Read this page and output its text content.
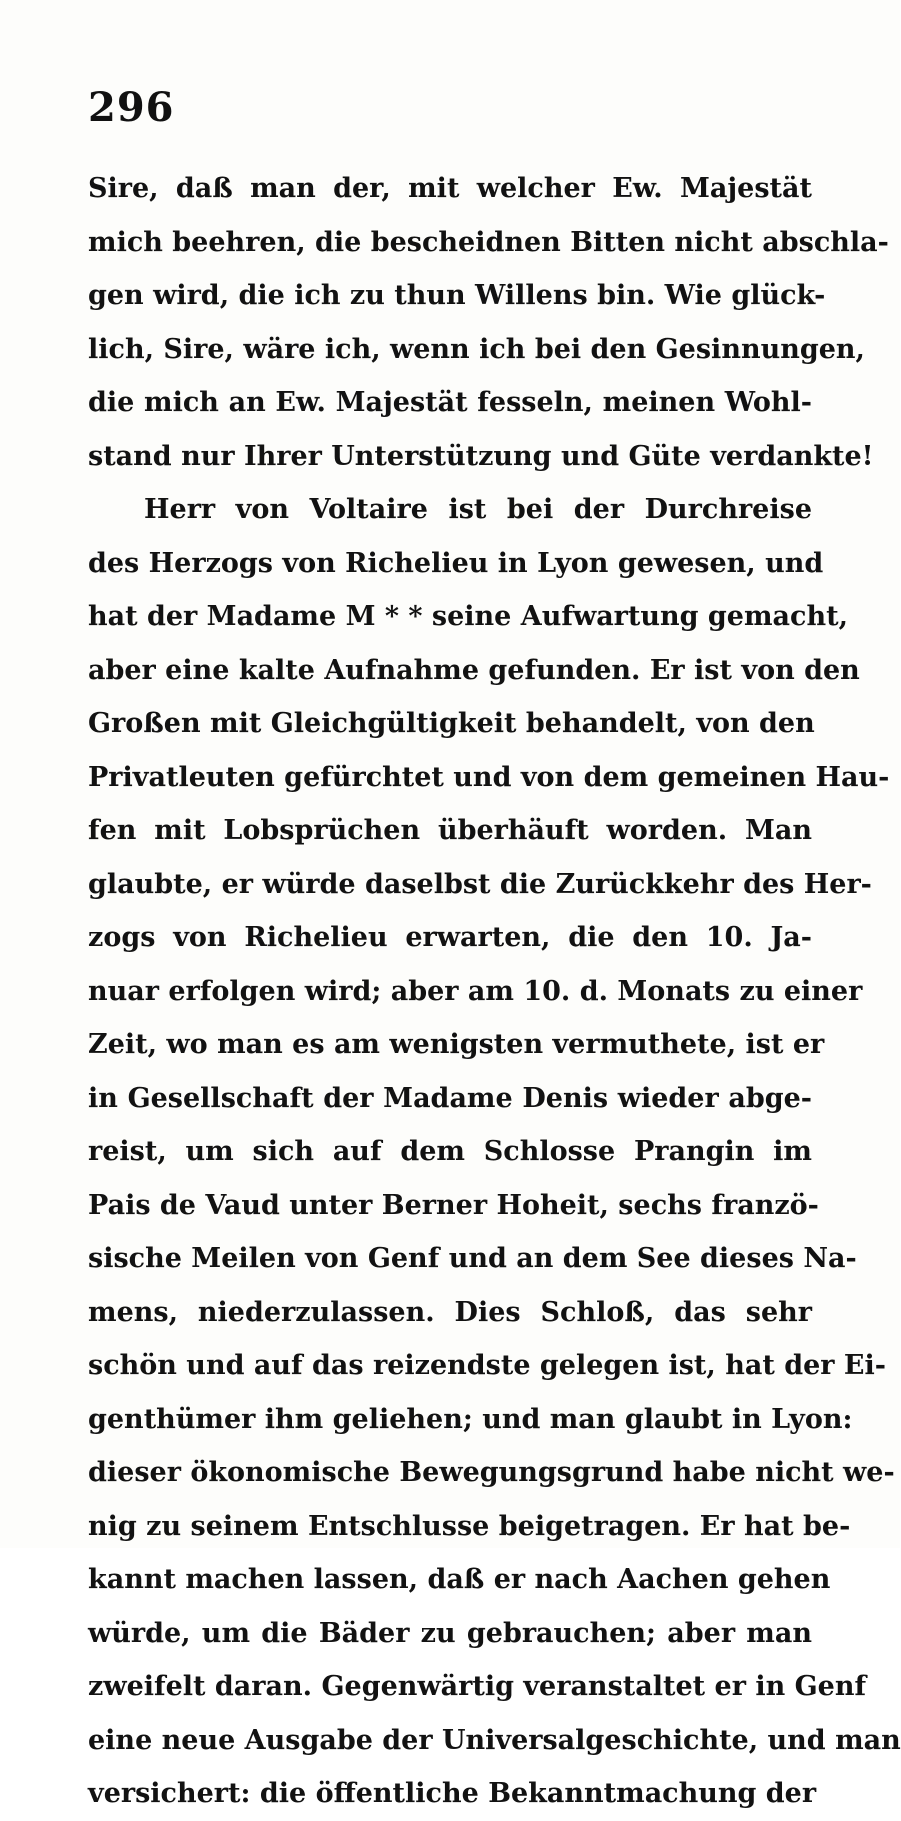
296
Sire, daß man der, mit welcher Ew. Majestät
mich beehren, die bescheidnen Bitten nicht abschla-
gen wird, die ich zu thun Willens bin. Wie glück-
lich, Sire, wäre ich, wenn ich bei den Gesinnungen,
die mich an Ew. Majestät fesseln, meinen Wohl-
stand nur Ihrer Unterstützung und Güte verdankte!
Herr von Voltaire ist bei der Durchreise
des Herzogs von Richelieu in Lyon gewesen, und
hat der Madame M * * seine Aufwartung gemacht,
aber eine kalte Aufnahme gefunden. Er ist von den
Großen mit Gleichgültigkeit behandelt, von den
Privatleuten gefürchtet und von dem gemeinen Hau-
fen mit Lobsprüchen überhäuft worden. Man
glaubte, er würde daselbst die Zurückkehr des Her-
zogs von Richelieu erwarten, die den 10. Ja-
nuar erfolgen wird; aber am 10. d. Monats zu einer
Zeit, wo man es am wenigsten vermuthete, ist er
in Gesellschaft der Madame Denis wieder abge-
reist, um sich auf dem Schlosse Prangin im
Pais de Vaud unter Berner Hoheit, sechs franzö-
sische Meilen von Genf und an dem See dieses Na-
mens, niederzulassen. Dies Schloß, das sehr
schön und auf das reizendste gelegen ist, hat der Ei-
genthümer ihm geliehen; und man glaubt in Lyon:
dieser ökonomische Bewegungsgrund habe nicht we-
nig zu seinem Entschlusse beigetragen. Er hat be-
kannt machen lassen, daß er nach Aachen gehen
würde, um die Bäder zu gebrauchen; aber man
zweifelt daran. Gegenwärtig veranstaltet er in Genf
eine neue Ausgabe der Universalgeschichte, und man
versichert: die öffentliche Bekanntmachung der
